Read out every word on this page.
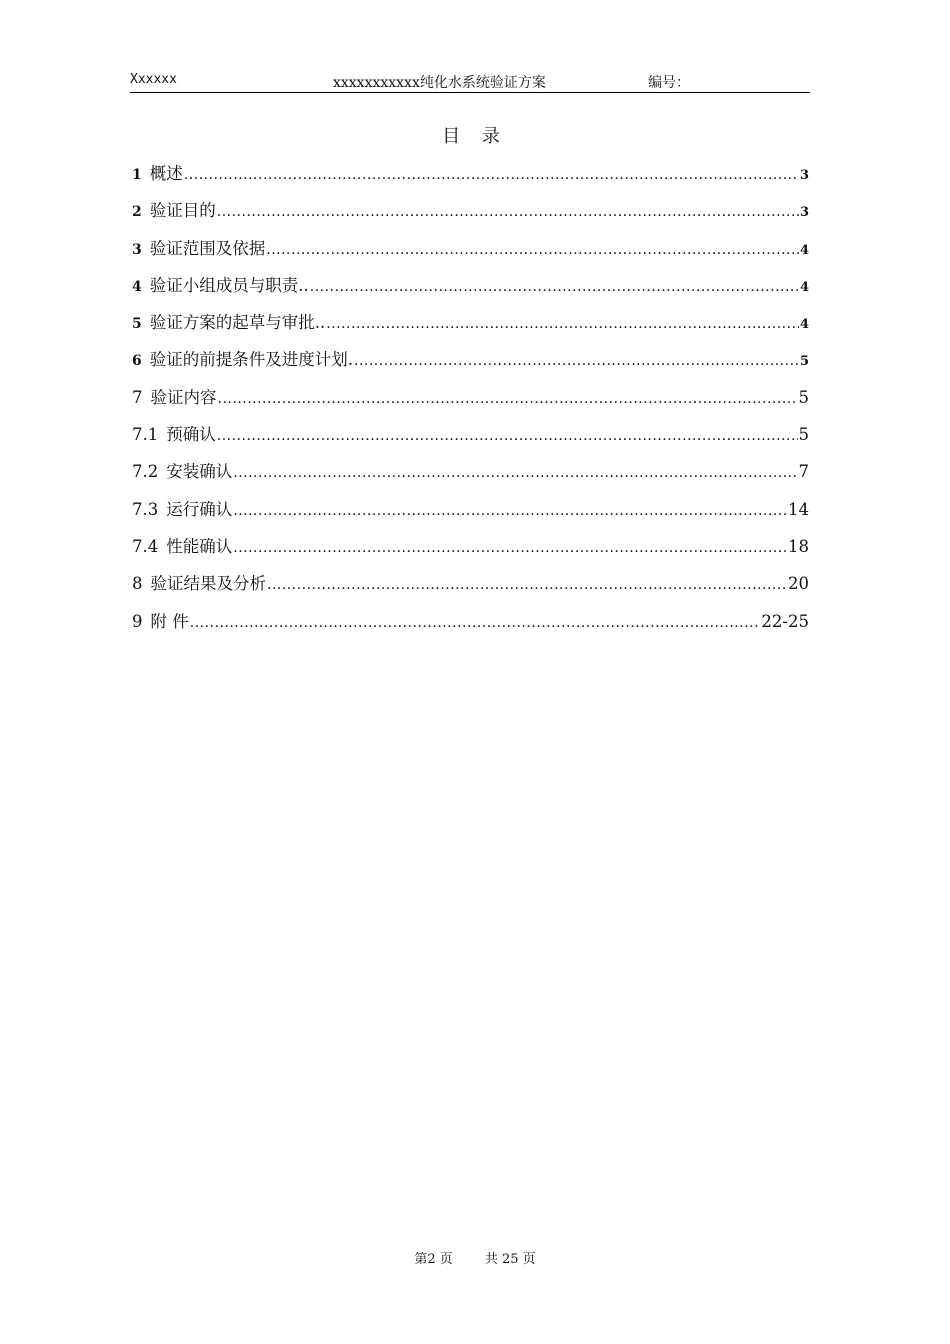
Xxxxxx	xxxxxxxxxxx纯化水系统验证方案	编号：
目 录
1 概述 .....	3
2 验证目的 .....	3
3 验证范围及依据 .....	4
4 验证小组成员与职责.. .....	4
5 验证方案的起草与审批.. .....	4
6 验证的前提条件及进度计划. .....	5
7 验证内容 .....	5
7.1 预确认 .....	5
7.2 安装确认 .....	7
7.3 运行确认 .....	14
7.4 性能确认 .....	18
8 验证结果及分析 .....	20
9 附 件 .....	22-25
第2 页 共 25 页
